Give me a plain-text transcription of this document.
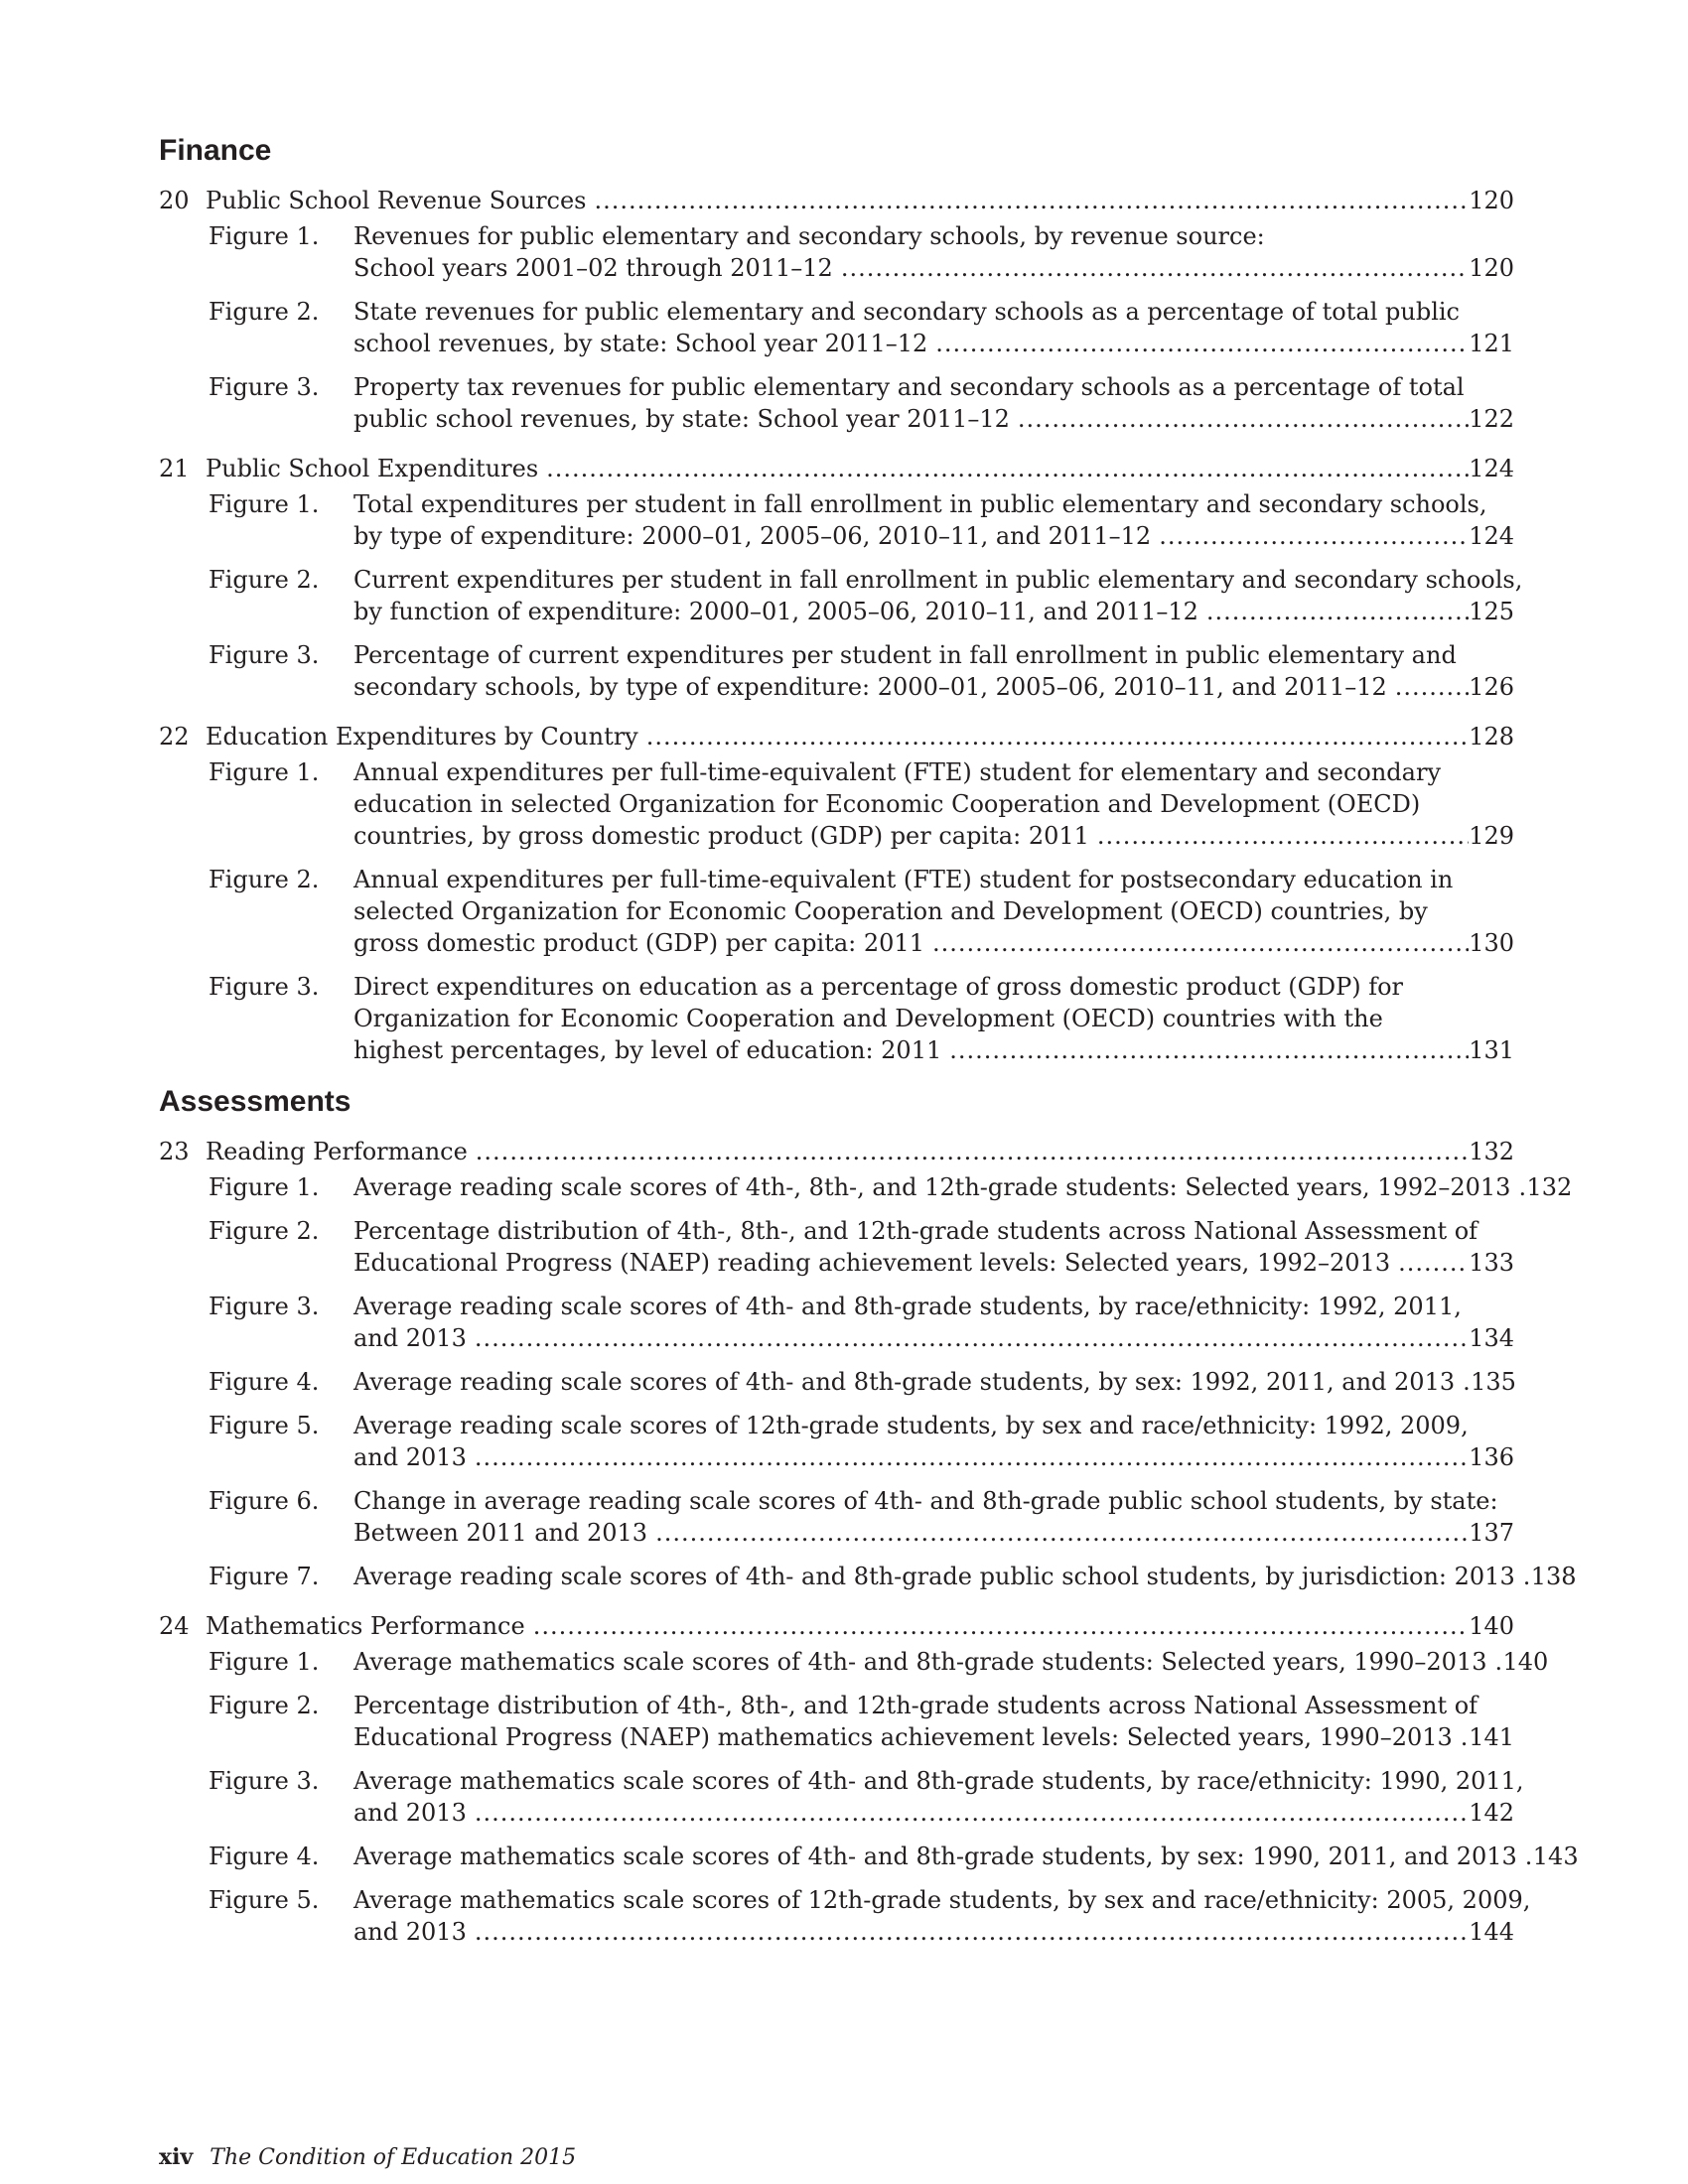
Finance
20 Public School Revenue Sources .....	120
Figure 1.	Revenues for public elementary and secondary schools, by revenue source:
School years 2001–02 through 2011–12 .....	120
Figure 2.	State revenues for public elementary and secondary schools as a percentage of total public
school revenues, by state: School year 2011–12 .....	121
Figure 3.	Property tax revenues for public elementary and secondary schools as a percentage of total
public school revenues, by state: School year 2011–12 .....	122
21 Public School Expenditures .....	124
Figure 1.	Total expenditures per student in fall enrollment in public elementary and secondary schools,
by type of expenditure: 2000–01, 2005–06, 2010–11, and 2011–12 .....	124
Figure 2.	Current expenditures per student in fall enrollment in public elementary and secondary schools,
by function of expenditure: 2000–01, 2005–06, 2010–11, and 2011–12 .....	125
Figure 3.	Percentage of current expenditures per student in fall enrollment in public elementary and
secondary schools, by type of expenditure: 2000–01, 2005–06, 2010–11, and 2011–12 .....	126
22 Education Expenditures by Country .....	128
Figure 1.	Annual expenditures per full-time-equivalent (FTE) student for elementary and secondary
education in selected Organization for Economic Cooperation and Development (OECD)
countries, by gross domestic product (GDP) per capita: 2011 .....	129
Figure 2.	Annual expenditures per full-time-equivalent (FTE) student for postsecondary education in
selected Organization for Economic Cooperation and Development (OECD) countries, by
gross domestic product (GDP) per capita: 2011 .....	130
Figure 3.	Direct expenditures on education as a percentage of gross domestic product (GDP) for
Organization for Economic Cooperation and Development (OECD) countries with the
highest percentages, by level of education: 2011 .....	131
Assessments
23 Reading Performance .....	132
Figure 1.	Average reading scale scores of 4th-, 8th-, and 12th-grade students: Selected years, 1992–2013 ..... 132
Figure 2.	Percentage distribution of 4th-, 8th-, and 12th-grade students across National Assessment of
Educational Progress (NAEP) reading achievement levels: Selected years, 1992–2013 .....	133
Figure 3.	Average reading scale scores of 4th- and 8th-grade students, by race/ethnicity: 1992, 2011,
and 2013 .....	134
Figure 4.	Average reading scale scores of 4th- and 8th-grade students, by sex: 1992, 2011, and 2013 ..... 135
Figure 5.	Average reading scale scores of 12th-grade students, by sex and race/ethnicity: 1992, 2009,
and 2013 .....	136
Figure 6.	Change in average reading scale scores of 4th- and 8th-grade public school students, by state:
Between 2011 and 2013 .....	137
Figure 7.	Average reading scale scores of 4th- and 8th-grade public school students, by jurisdiction: 2013 ..... 138
24 Mathematics Performance .....	140
Figure 1.	Average mathematics scale scores of 4th- and 8th-grade students: Selected years, 1990–2013 ..... 140
Figure 2.	Percentage distribution of 4th-, 8th-, and 12th-grade students across National Assessment of
Educational Progress (NAEP) mathematics achievement levels: Selected years, 1990–2013 ..... 141
Figure 3.	Average mathematics scale scores of 4th- and 8th-grade students, by race/ethnicity: 1990, 2011,
and 2013 .....	142
Figure 4.	Average mathematics scale scores of 4th- and 8th-grade students, by sex: 1990, 2011, and 2013 ..... 143
Figure 5.	Average mathematics scale scores of 12th-grade students, by sex and race/ethnicity: 2005, 2009,
and 2013 .....	144
xiv The Condition of Education 2015
